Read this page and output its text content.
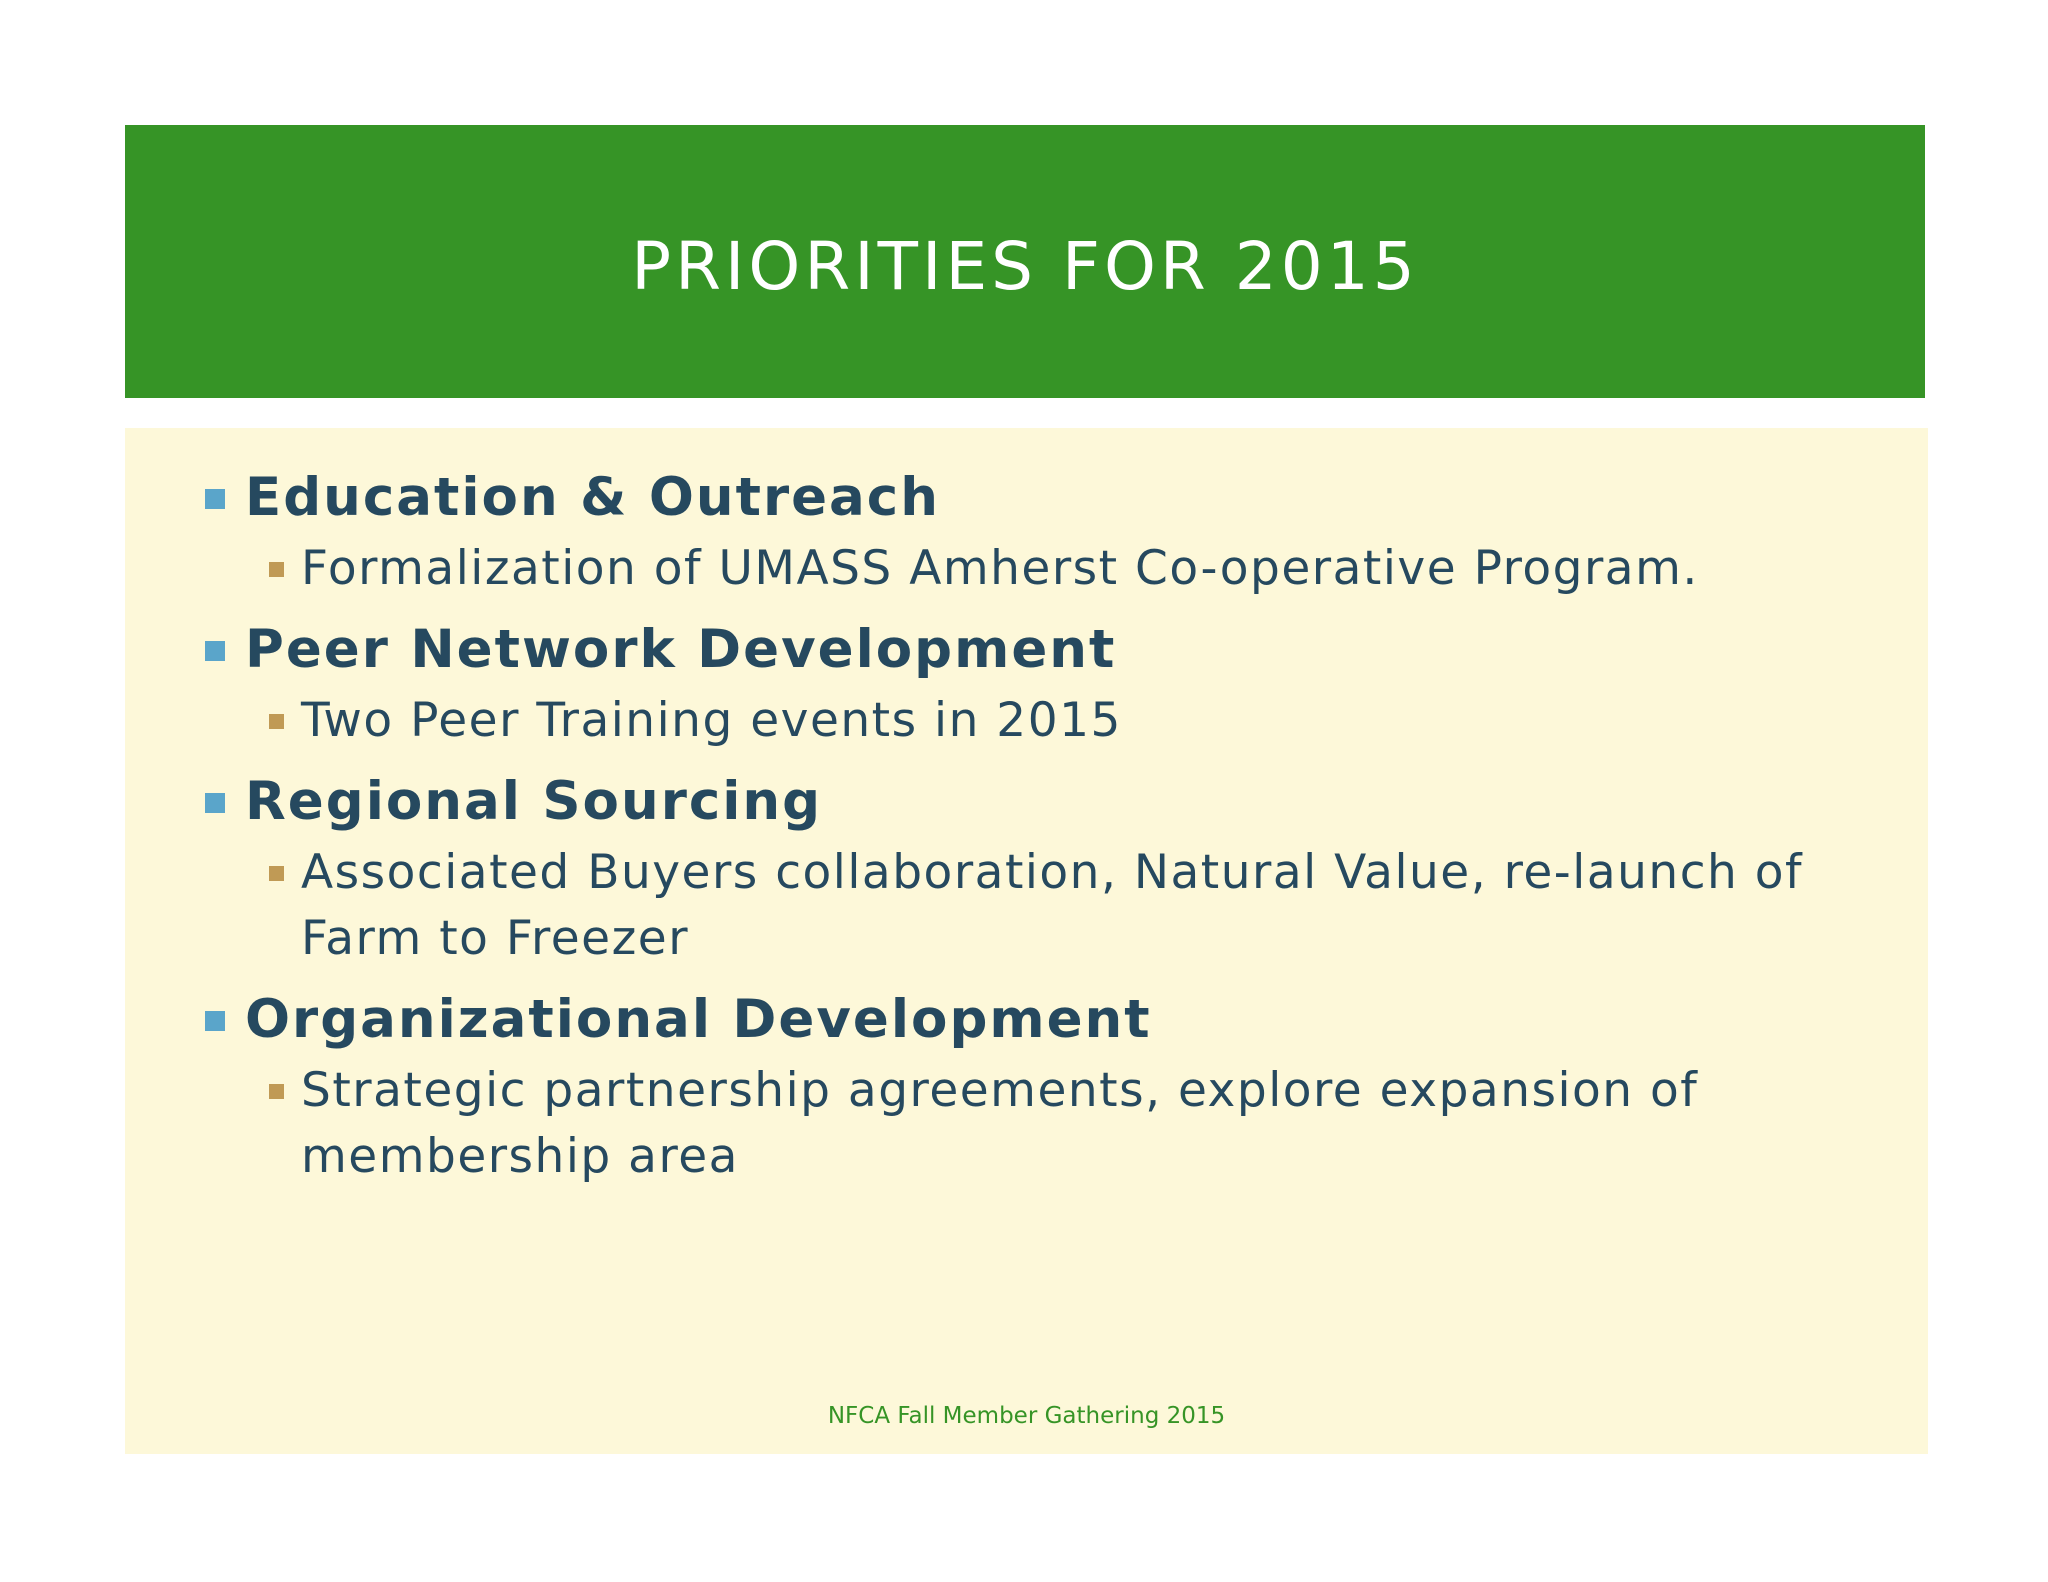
PRIORITIES FOR 2015
Education & Outreach
Formalization of UMASS Amherst Co-operative Program.
Peer Network Development
Two Peer Training events in 2015
Regional Sourcing
Associated Buyers collaboration, Natural Value, re-launch of Farm to Freezer
Organizational Development
Strategic partnership agreements, explore expansion of membership area
NFCA Fall Member Gathering 2015
